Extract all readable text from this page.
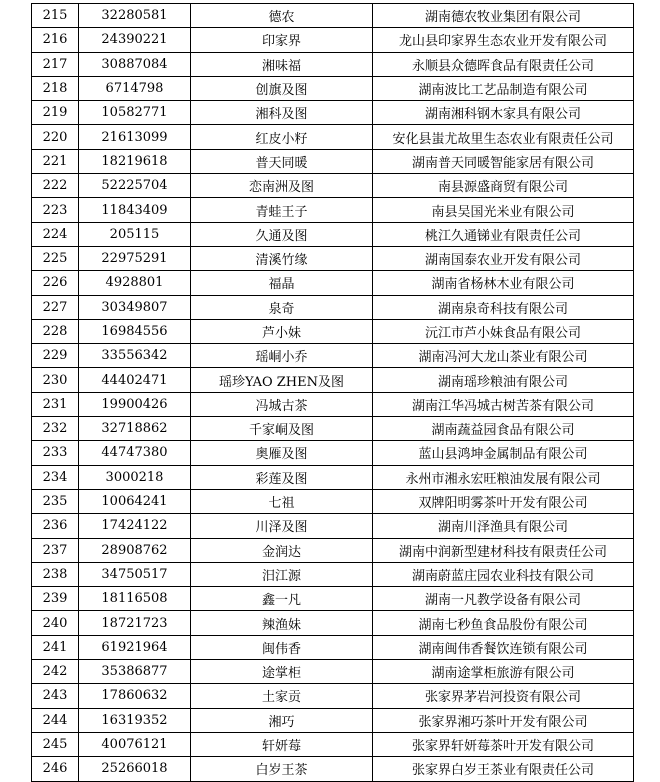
215	32280581	德农	湖南德农牧业集团有限公司
216	24390221	印家界	龙山县印家界生态农业开发有限公司
217	30887084	湘味福	永顺县众德晖食品有限责任公司
218	6714798	创旗及图	湖南波比工艺品制造有限公司
219	10582771	湘科及图	湖南湘科钢木家具有限公司
220	21613099	红皮小籽	安化县蚩尤故里生态农业有限责任公司
221	18219618	普天同暖	湖南普天同暖智能家居有限公司
222	52225704	恋南洲及图	南县源盛商贸有限公司
223	11843409	青蛙王子	南县吴国光米业有限公司
224	205115	久通及图	桃江久通锑业有限责任公司
225	22975291	清溪竹缘	湖南国泰农业开发有限公司
226	4928801	福晶	湖南省杨林木业有限公司
227	30349807	泉奇	湖南泉奇科技有限公司
228	16984556	芦小妹	沅江市芦小妹食品有限公司
229	33556342	瑶峒小乔	湖南冯河大龙山茶业有限公司
230	44402471	瑶珍YAO ZHEN及图	湖南瑶珍粮油有限公司
231	19900426	冯城古茶	湖南江华冯城古树苦茶有限公司
232	32718862	千家峒及图	湖南蔬益园食品有限公司
233	44747380	奥雁及图	蓝山县鸿坤金属制品有限公司
234	3000218	彩莲及图	永州市湘永宏旺粮油发展有限公司
235	10064241	七祖	双牌阳明雾茶叶开发有限公司
236	17424122	川泽及图	湖南川泽渔具有限公司
237	28908762	金润达	湖南中润新型建材科技有限责任公司
238	34750517	汨江源	湖南蔚蓝庄园农业科技有限公司
239	18116508	鑫一凡	湖南一凡教学设备有限公司
240	18721723	辣渔妹	湖南七秒鱼食品股份有限公司
241	61921964	闽伟香	湖南闽伟香餐饮连锁有限公司
242	35386877	途掌柜	湖南途掌柜旅游有限公司
243	17860632	土家贡	张家界茅岩河投资有限公司
244	16319352	湘巧	张家界湘巧茶叶开发有限公司
245	40076121	轩妍莓	张家界轩妍莓茶叶开发有限公司
246	25266018	白岁王茶	张家界白岁王茶业有限责任公司
